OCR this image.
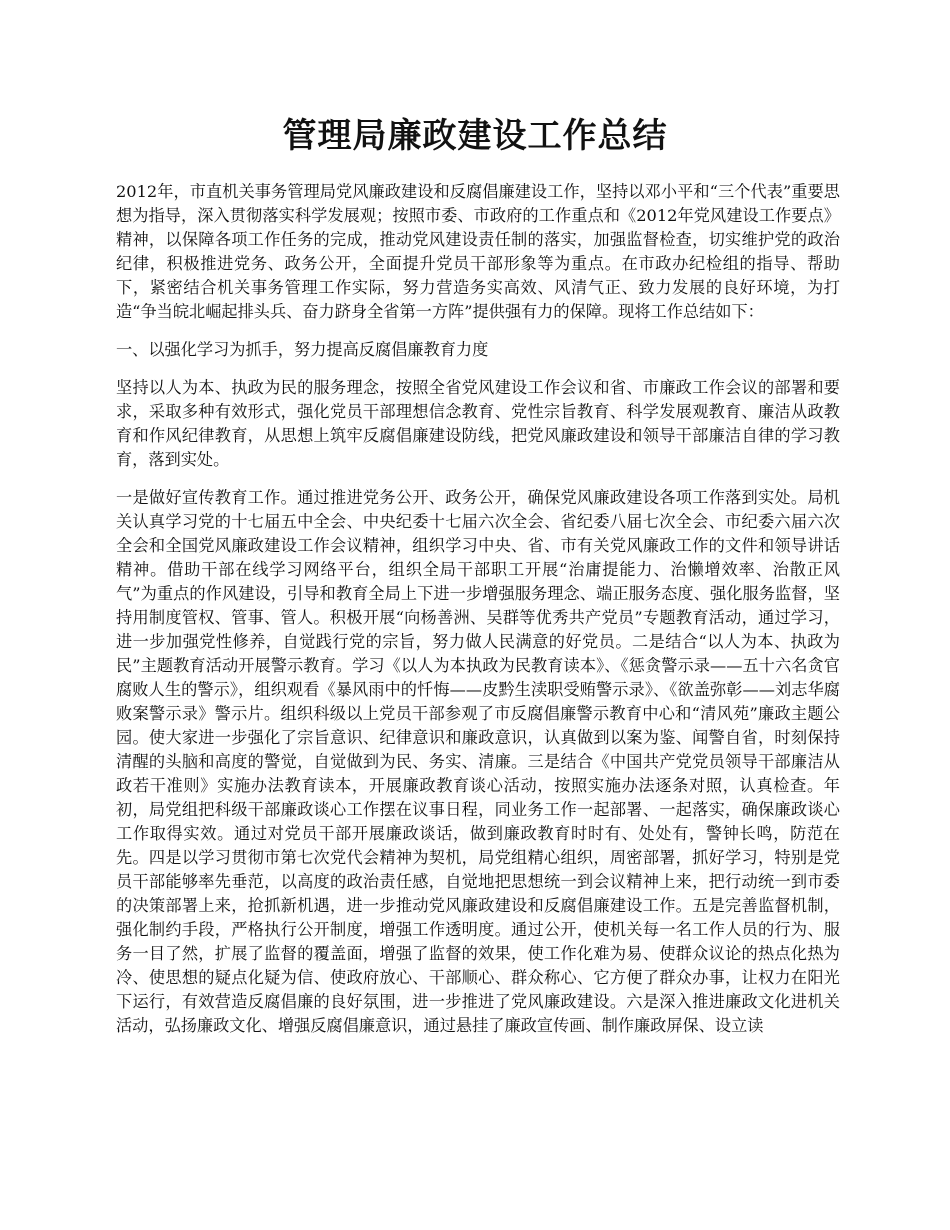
管理局廉政建设工作总结

2012年，市直机关事务管理局党风廉政建设和反腐倡廉建设工作，坚持以邓小平和“三个代表”重要思想为指导，深入贯彻落实科学发展观；按照市委、市政府的工作重点和《2012年党风建设工作要点》精神，以保障各项工作任务的完成，推动党风建设责任制的落实，加强监督检查，切实维护党的政治纪律，积极推进党务、政务公开，全面提升党员干部形象等为重点。在市政办纪检组的指导、帮助下，紧密结合机关事务管理工作实际，努力营造务实高效、风清气正、致力发展的良好环境，为打造“争当皖北崛起排头兵、奋力跻身全省第一方阵”提供强有力的保障。现将工作总结如下：

一、以强化学习为抓手，努力提高反腐倡廉教育力度

坚持以人为本、执政为民的服务理念，按照全省党风建设工作会议和省、市廉政工作会议的部署和要求，采取多种有效形式，强化党员干部理想信念教育、党性宗旨教育、科学发展观教育、廉洁从政教育和作风纪律教育，从思想上筑牢反腐倡廉建设防线，把党风廉政建设和领导干部廉洁自律的学习教育，落到实处。

一是做好宣传教育工作。通过推进党务公开、政务公开，确保党风廉政建设各项工作落到实处。局机关认真学习党的十七届五中全会、中央纪委十七届六次全会、省纪委八届七次全会、市纪委六届六次全会和全国党风廉政建设工作会议精神，组织学习中央、省、市有关党风廉政工作的文件和领导讲话精神。借助干部在线学习网络平台，组织全局干部职工开展“治庸提能力、治懒增效率、治散正风气”为重点的作风建设，引导和教育全局上下进一步增强服务理念、端正服务态度、强化服务监督，坚持用制度管权、管事、管人。积极开展“向杨善洲、吴群等优秀共产党员”专题教育活动，通过学习，进一步加强党性修养，自觉践行党的宗旨，努力做人民满意的好党员。二是结合“以人为本、执政为民”主题教育活动开展警示教育。学习《以人为本执政为民教育读本》、《惩贪警示录——五十六名贪官腐败人生的警示》，组织观看《暴风雨中的忏悔——皮黔生渎职受贿警示录》、《欲盖弥彰——刘志华腐败案警示录》警示片。组织科级以上党员干部参观了市反腐倡廉警示教育中心和“清风苑”廉政主题公园。使大家进一步强化了宗旨意识、纪律意识和廉政意识，认真做到以案为鉴、闻警自省，时刻保持清醒的头脑和高度的警觉，自觉做到为民、务实、清廉。三是结合《中国共产党党员领导干部廉洁从政若干准则》实施办法教育读本，开展廉政教育谈心活动，按照实施办法逐条对照，认真检查。年初，局党组把科级干部廉政谈心工作摆在议事日程，同业务工作一起部署、一起落实，确保廉政谈心工作取得实效。通过对党员干部开展廉政谈话，做到廉政教育时时有、处处有，警钟长鸣，防范在先。四是以学习贯彻市第七次党代会精神为契机，局党组精心组织，周密部署，抓好学习，特别是党员干部能够率先垂范，以高度的政治责任感，自觉地把思想统一到会议精神上来，把行动统一到市委的决策部署上来，抢抓新机遇，进一步推动党风廉政建设和反腐倡廉建设工作。五是完善监督机制，强化制约手段，严格执行公开制度，增强工作透明度。通过公开，使机关每一名工作人员的行为、服务一目了然，扩展了监督的覆盖面，增强了监督的效果，使工作化难为易、使群众议论的热点化热为冷、使思想的疑点化疑为信、使政府放心、干部顺心、群众称心、它方便了群众办事，让权力在阳光下运行，有效营造反腐倡廉的良好氛围，进一步推进了党风廉政建设。六是深入推进廉政文化进机关活动，弘扬廉政文化、增强反腐倡廉意识，通过悬挂了廉政宣传画、制作廉政屏保、设立读
